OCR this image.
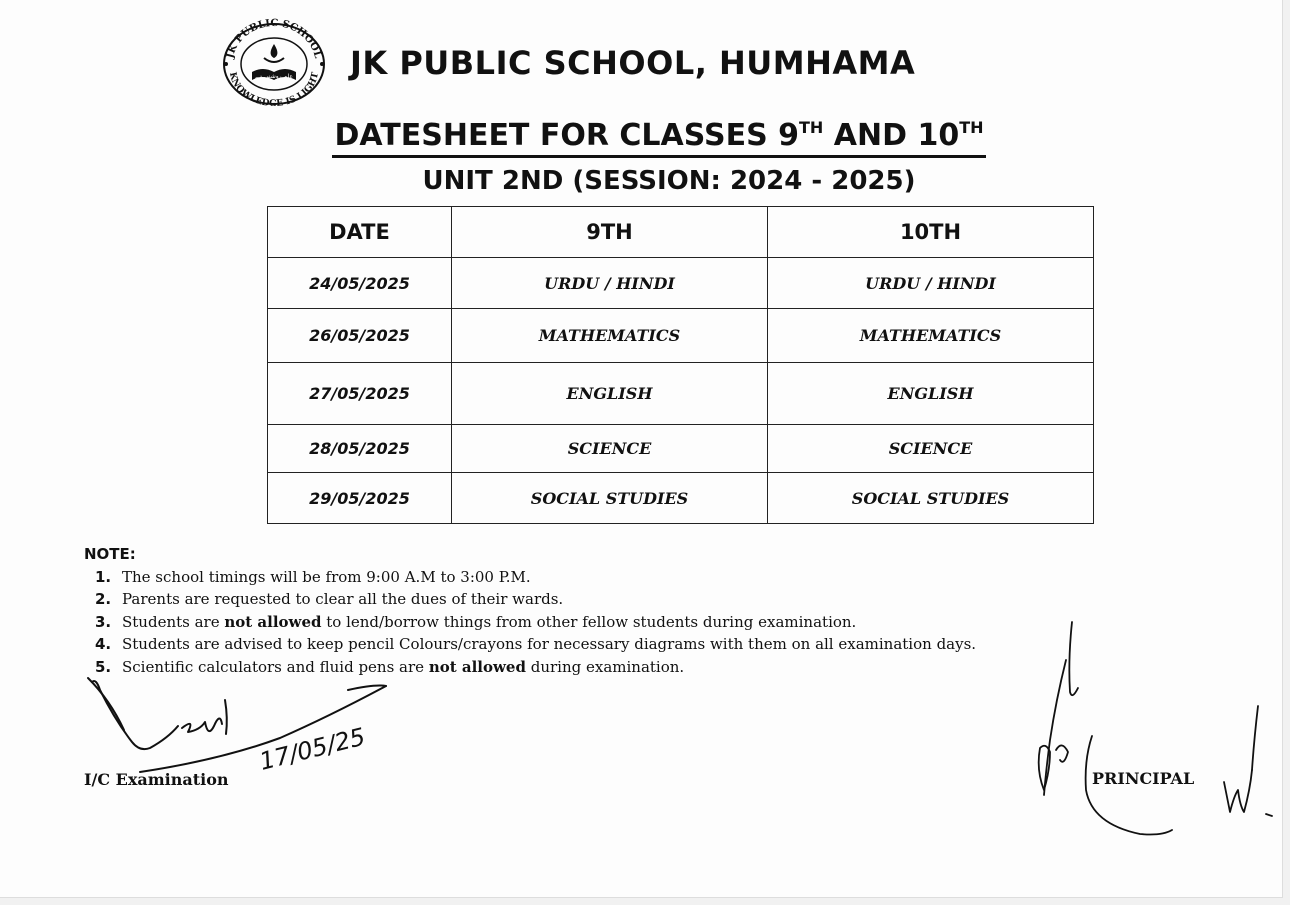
JK PUBLIC SCHOOL
KNOWLEDGE IS LIGHT
علم روشنی ہے JK PUBLIC SCHOOL, HUMHAMA
DATESHEET FOR CLASSES 9TH AND 10TH
UNIT 2ND (SESSION: 2024 - 2025)
DATE	9TH	10TH
24/05/2025	URDU / HINDI	URDU / HINDI
26/05/2025	MATHEMATICS	MATHEMATICS
27/05/2025	ENGLISH	ENGLISH
28/05/2025	SCIENCE	SCIENCE
29/05/2025	SOCIAL STUDIES	SOCIAL STUDIES
NOTE:
1. The school timings will be from 9:00 A.M to 3:00 P.M.
2. Parents are requested to clear all the dues of their wards.
3. Students are not allowed to lend/borrow things from other fellow students during examination.
4. Students are advised to keep pencil Colours/crayons for necessary diagrams with them on all examination days.
5. Scientific calculators and fluid pens are not allowed during examination.
I/C Examination	PRINCIPAL
17/05/25
